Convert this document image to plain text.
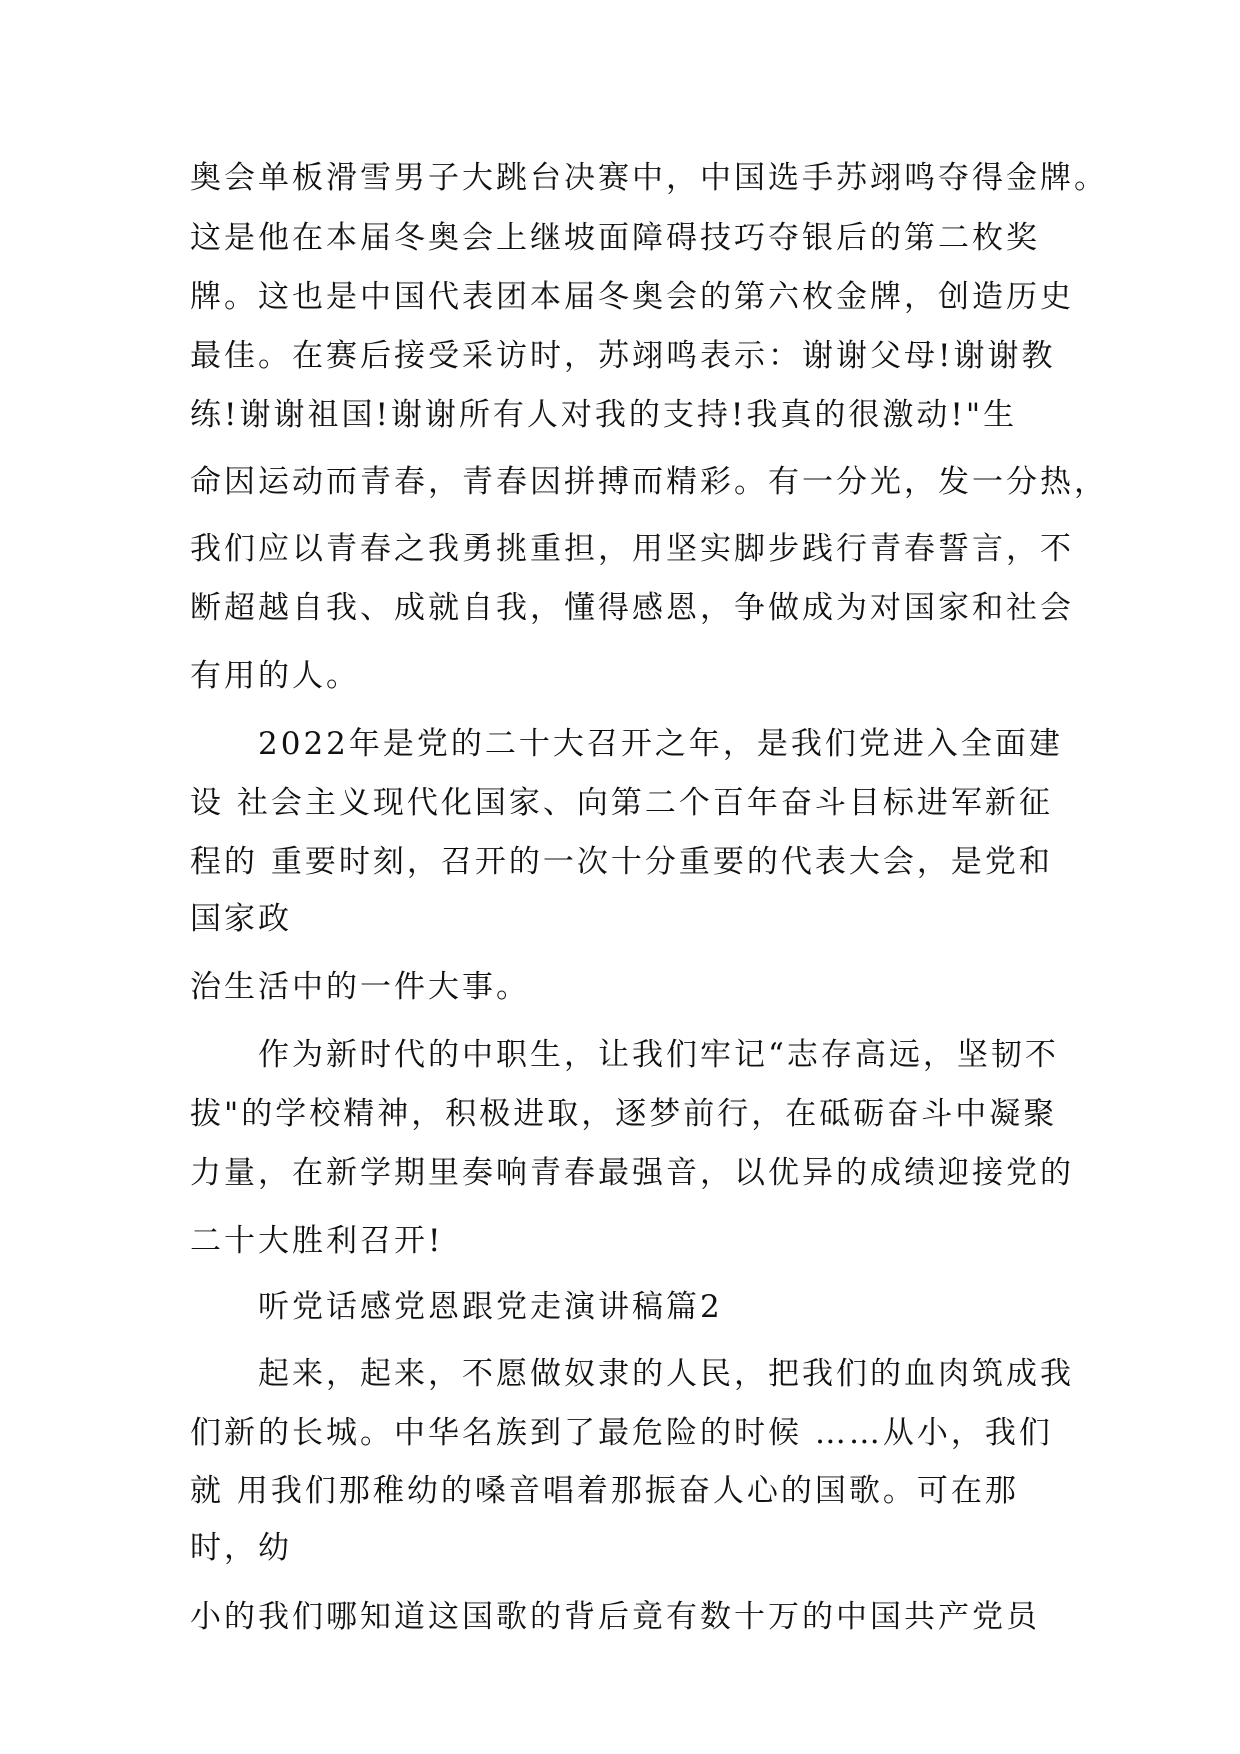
奥会单板滑雪男子大跳台决赛中，中国选手苏翊鸣夺得金牌。
这是他在本届冬奥会上继坡面障碍技巧夺银后的第二枚奖
牌。这也是中国代表团本届冬奥会的第六枚金牌，创造历史
最佳。在赛后接受采访时，苏翊鸣表示：谢谢父母!谢谢教
练!谢谢祖国!谢谢所有人对我的支持!我真的很激动!"生
命因运动而青春，青春因拼搏而精彩。有一分光，发一分热，
我们应以青春之我勇挑重担，用坚实脚步践行青春誓言，不
断超越自我、成就自我，懂得感恩，争做成为对国家和社会
有用的人。
2022年是党的二十大召开之年，是我们党进入全面建
设 社会主义现代化国家、向第二个百年奋斗目标进军新征
程的 重要时刻，召开的一次十分重要的代表大会，是党和
国家政
治生活中的一件大事。
作为新时代的中职生，让我们牢记“志存高远，坚韧不
拔"的学校精神，积极进取，逐梦前行，在砥砺奋斗中凝聚
力量，在新学期里奏响青春最强音，以优异的成绩迎接党的
二十大胜利召开!
听党话感党恩跟党走演讲稿篇2
起来，起来，不愿做奴隶的人民，把我们的血肉筑成我
们新的长城。中华名族到了最危险的时候 ……从小，我们
就 用我们那稚幼的嗓音唱着那振奋人心的国歌。可在那
时，幼
小的我们哪知道这国歌的背后竟有数十万的中国共产党员
